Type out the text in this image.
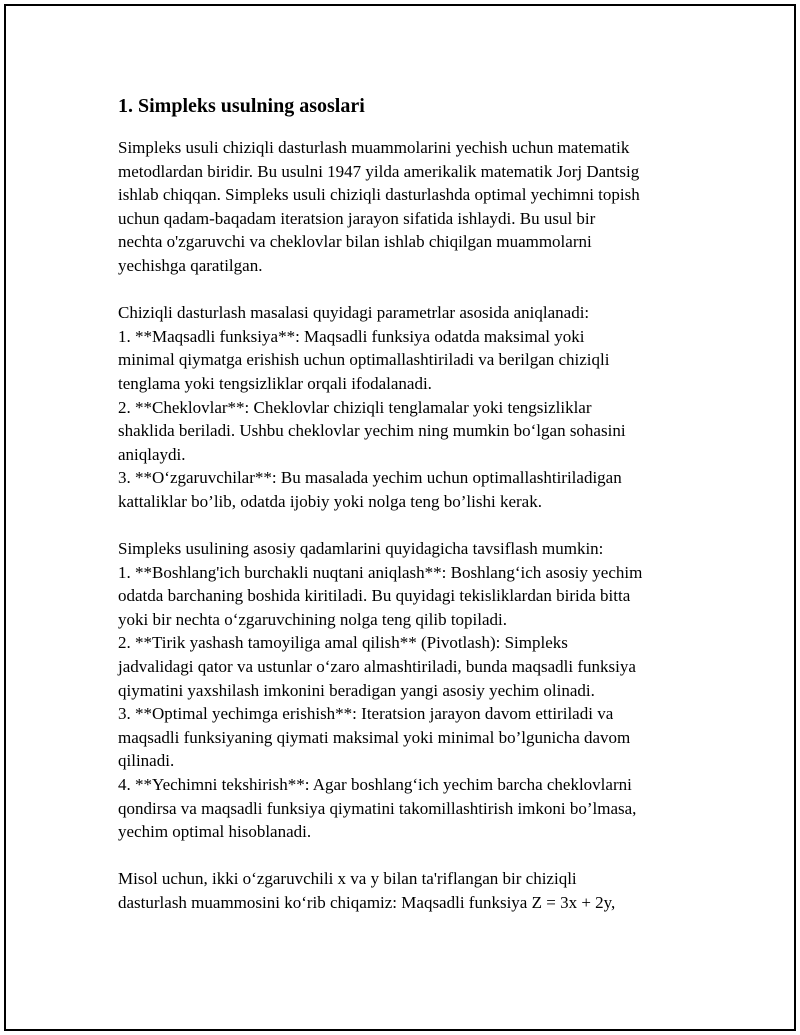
1. Simpleks usulning asoslari
Simpleks usuli chiziqli dasturlash muammolarini yechish uchun matematik
metodlardan biridir. Bu usulni 1947 yilda amerikalik matematik Jorj Dantsig
ishlab chiqqan. Simpleks usuli chiziqli dasturlashda optimal yechimni topish
uchun qadam-baqadam iteratsion jarayon sifatida ishlaydi. Bu usul bir
nechta o'zgaruvchi va cheklovlar bilan ishlab chiqilgan muammolarni
yechishga qaratilgan.
Chiziqli dasturlash masalasi quyidagi parametrlar asosida aniqlanadi:
1. **Maqsadli funksiya**: Maqsadli funksiya odatda maksimal yoki
minimal qiymatga erishish uchun optimallashtiriladi va berilgan chiziqli
tenglama yoki tengsizliklar orqali ifodalanadi.
2. **Cheklovlar**: Cheklovlar chiziqli tenglamalar yoki tengsizliklar
shaklida beriladi. Ushbu cheklovlar yechim ning mumkin bo‘lgan sohasini
aniqlaydi.
3. **O‘zgaruvchilar**: Bu masalada yechim uchun optimallashtiriladigan
kattaliklar bo’lib, odatda ijobiy yoki nolga teng bo’lishi kerak.
Simpleks usulining asosiy qadamlarini quyidagicha tavsiflash mumkin:
1. **Boshlang'ich burchakli nuqtani aniqlash**: Boshlang‘ich asosiy yechim
odatda barchaning boshida kiritiladi. Bu quyidagi tekisliklardan birida bitta
yoki bir nechta o‘zgaruvchining nolga teng qilib topiladi.
2. **Tirik yashash tamoyiliga amal qilish** (Pivotlash): Simpleks
jadvalidagi qator va ustunlar o‘zaro almashtiriladi, bunda maqsadli funksiya
qiymatini yaxshilash imkonini beradigan yangi asosiy yechim olinadi.
3. **Optimal yechimga erishish**: Iteratsion jarayon davom ettiriladi va
maqsadli funksiyaning qiymati maksimal yoki minimal bo’lgunicha davom
qilinadi.
4. **Yechimni tekshirish**: Agar boshlang‘ich yechim barcha cheklovlarni
qondirsa va maqsadli funksiya qiymatini takomillashtirish imkoni bo’lmasa,
yechim optimal hisoblanadi.
Misol uchun, ikki o‘zgaruvchili x va y bilan ta'riflangan bir chiziqli
dasturlash muammosini ko‘rib chiqamiz: Maqsadli funksiya Z = 3x + 2y,
